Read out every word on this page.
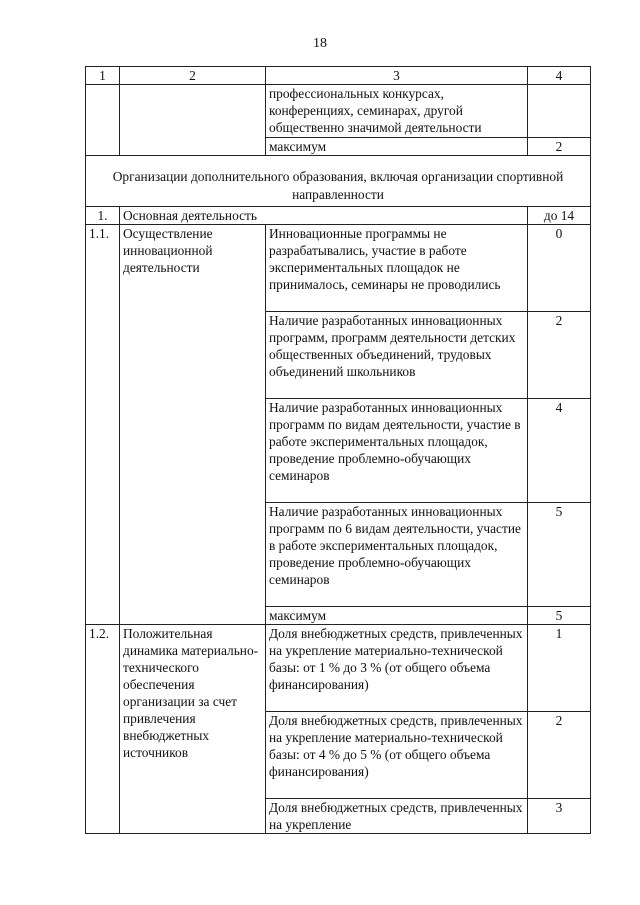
18
1	2	3	4
		профессиональных конкурсах, конференциях, семинарах, другой общественно значимой деятельности	
		максимум	2
Организации дополнительного образования, включая организации спортивной направленности			
1.	Основная деятельность		до 14
1.1.	Осуществление инновационной деятельности	Инновационные программы не разрабатывались, участие в работе экспериментальных площадок не принималось, семинары не проводились	0
		Наличие разработанных инновационных программ, программ деятельности детских общественных объединений, трудовых объединений школьников	2
		Наличие разработанных инновационных программ по видам деятельности, участие в работе экспериментальных площадок, проведение проблемно-обучающих семинаров	4
		Наличие разработанных инновационных программ по 6 видам деятельности, участие в работе экспериментальных площадок, проведение проблемно-обучающих семинаров	5
		максимум	5
1.2.	Положительная динамика материально-технического обеспечения организации за счет привлечения внебюджетных источников	Доля внебюджетных средств, привлеченных на укрепление материально-технической базы: от 1 % до 3 % (от общего объема финансирования)	1
		Доля внебюджетных средств, привлеченных на укрепление материально-технической базы: от 4 % до 5 % (от общего объема финансирования)	2
		Доля внебюджетных средств, привлеченных на укрепление	3
